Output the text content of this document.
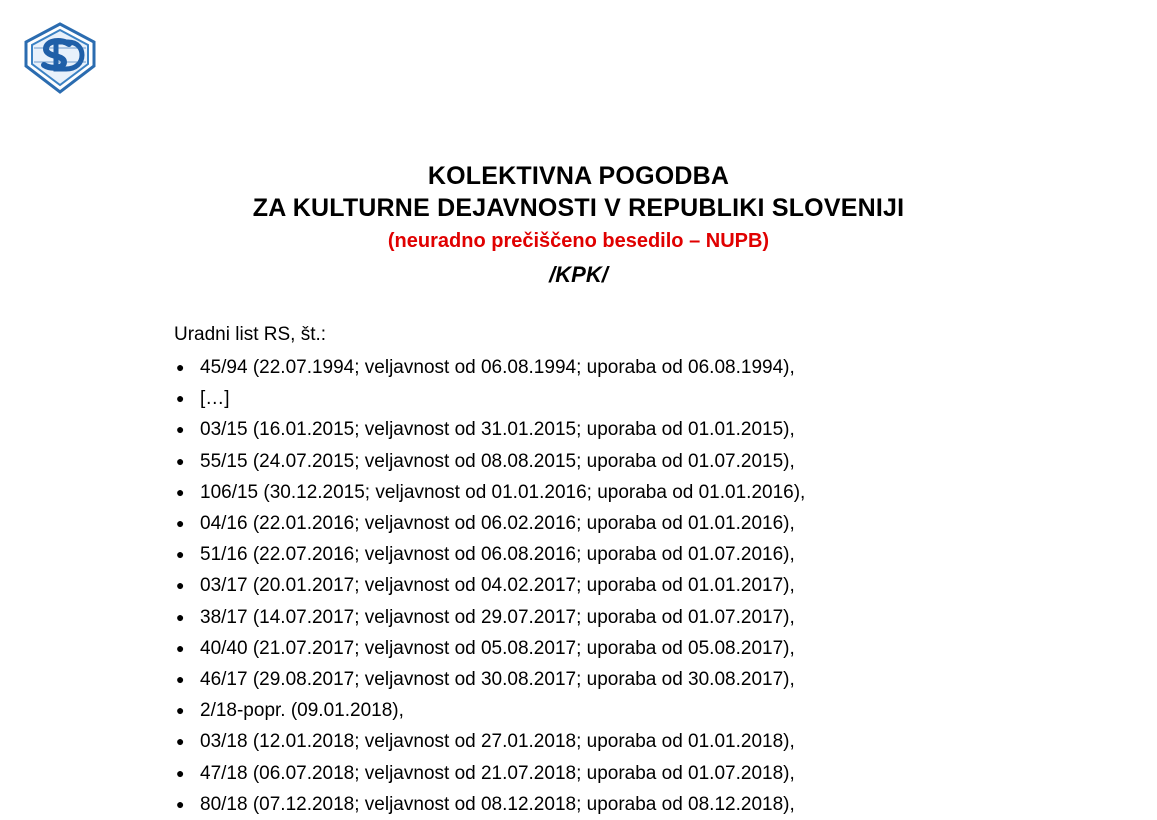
KOLEKTIVNA POGODBA
ZA KULTURNE DEJAVNOSTI V REPUBLIKI SLOVENIJI
(neuradno prečiščeno besedilo – NUPB)
/KPK/
Uradni list RS, št.:
● 45/94 (22.07.1994; veljavnost od 06.08.1994; uporaba od 06.08.1994),
● […]
● 03/15 (16.01.2015; veljavnost od 31.01.2015; uporaba od 01.01.2015),
● 55/15 (24.07.2015; veljavnost od 08.08.2015; uporaba od 01.07.2015),
● 106/15 (30.12.2015; veljavnost od 01.01.2016; uporaba od 01.01.2016),
● 04/16 (22.01.2016; veljavnost od 06.02.2016; uporaba od 01.01.2016),
● 51/16 (22.07.2016; veljavnost od 06.08.2016; uporaba od 01.07.2016),
● 03/17 (20.01.2017; veljavnost od 04.02.2017; uporaba od 01.01.2017),
● 38/17 (14.07.2017; veljavnost od 29.07.2017; uporaba od 01.07.2017),
● 40/40 (21.07.2017; veljavnost od 05.08.2017; uporaba od 05.08.2017),
● 46/17 (29.08.2017; veljavnost od 30.08.2017; uporaba od 30.08.2017),
● 2/18-popr. (09.01.2018),
● 03/18 (12.01.2018; veljavnost od 27.01.2018; uporaba od 01.01.2018),
● 47/18 (06.07.2018; veljavnost od 21.07.2018; uporaba od 01.07.2018),
● 80/18 (07.12.2018; veljavnost od 08.12.2018; uporaba od 08.12.2018),
